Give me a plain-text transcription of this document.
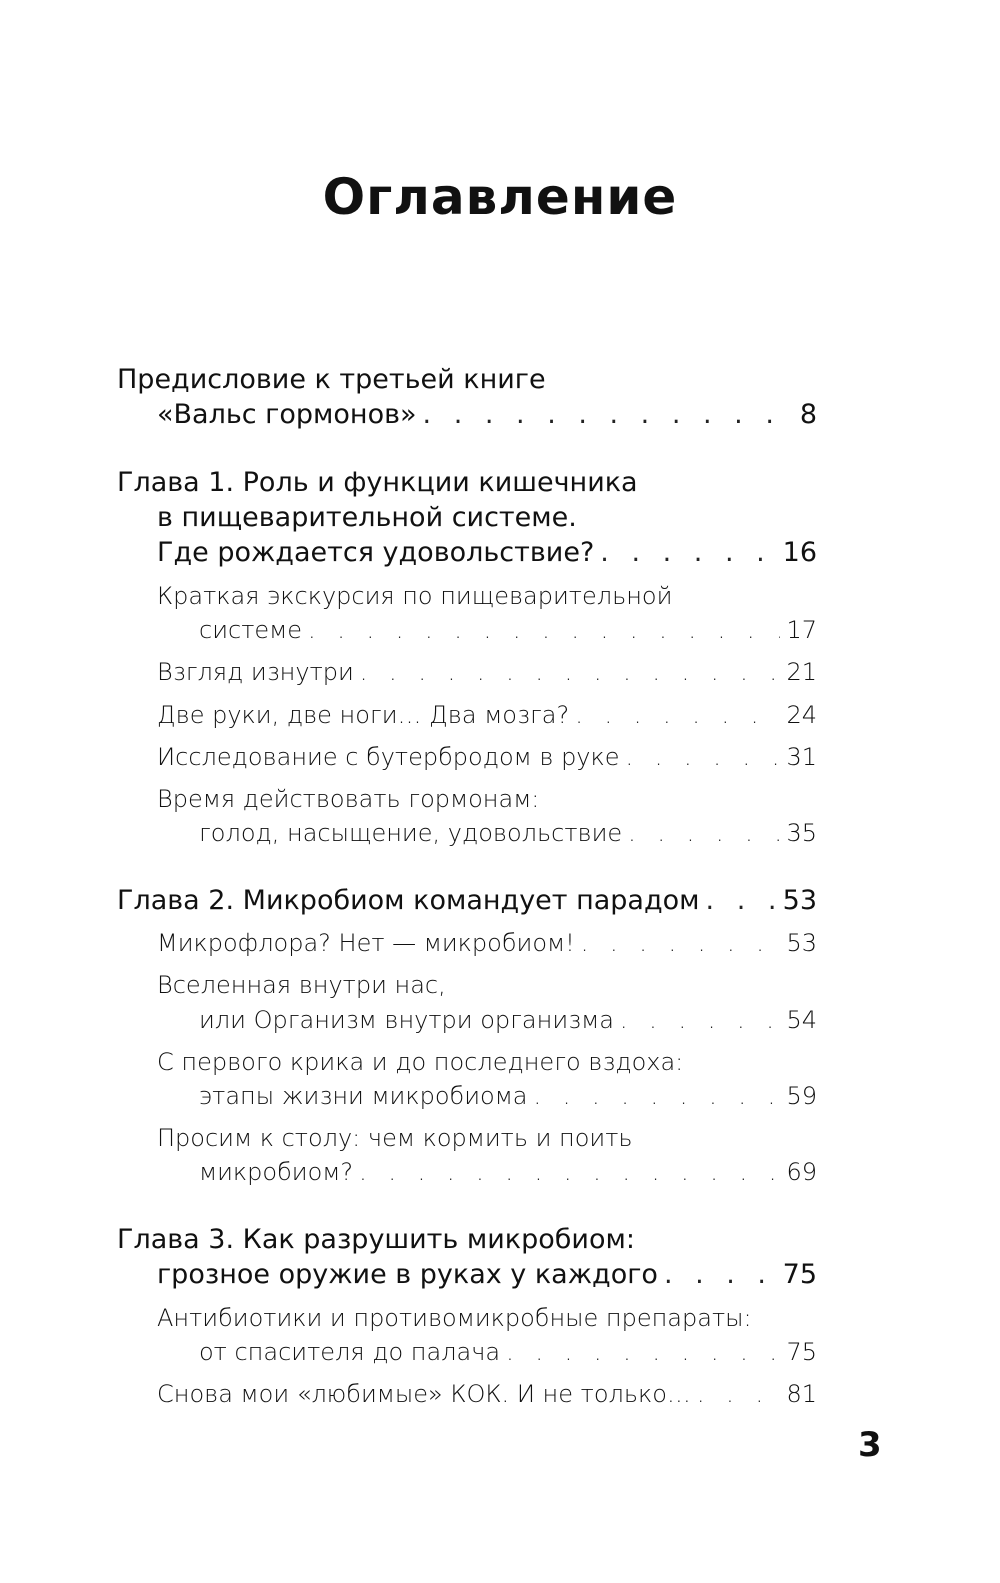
Оглавление
Предисловие к третьей книге
«Вальс гормонов» . . .	8
Глава 1. Роль и функции кишечника
в пищеварительной системе.
Где рождается удовольствие? . . .	16
Краткая экскурсия по пищеварительной
системе . . .	17
Взгляд изнутри . . .	21
Две руки, две ноги… Два мозга? . . .	24
Исследование с бутербродом в руке . . .	31
Время действовать гормонам:
голод, насыщение, удовольствие . . .	35
Глава 2. Микробиом командует парадом . . .	53
Микрофлора? Нет — микробиом! . . .	53
Вселенная внутри нас,
или Организм внутри организма . . .	54
С первого крика и до последнего вздоха:
этапы жизни микробиома . . .	59
Просим к столу: чем кормить и поить
микробиом? . . .	69
Глава 3. Как разрушить микробиом:
грозное оружие в руках у каждого . . .	75
Антибиотики и противомикробные препараты:
от спасителя до палача . . .	75
Снова мои «любимые» КОК. И не только… . . .	81
3
